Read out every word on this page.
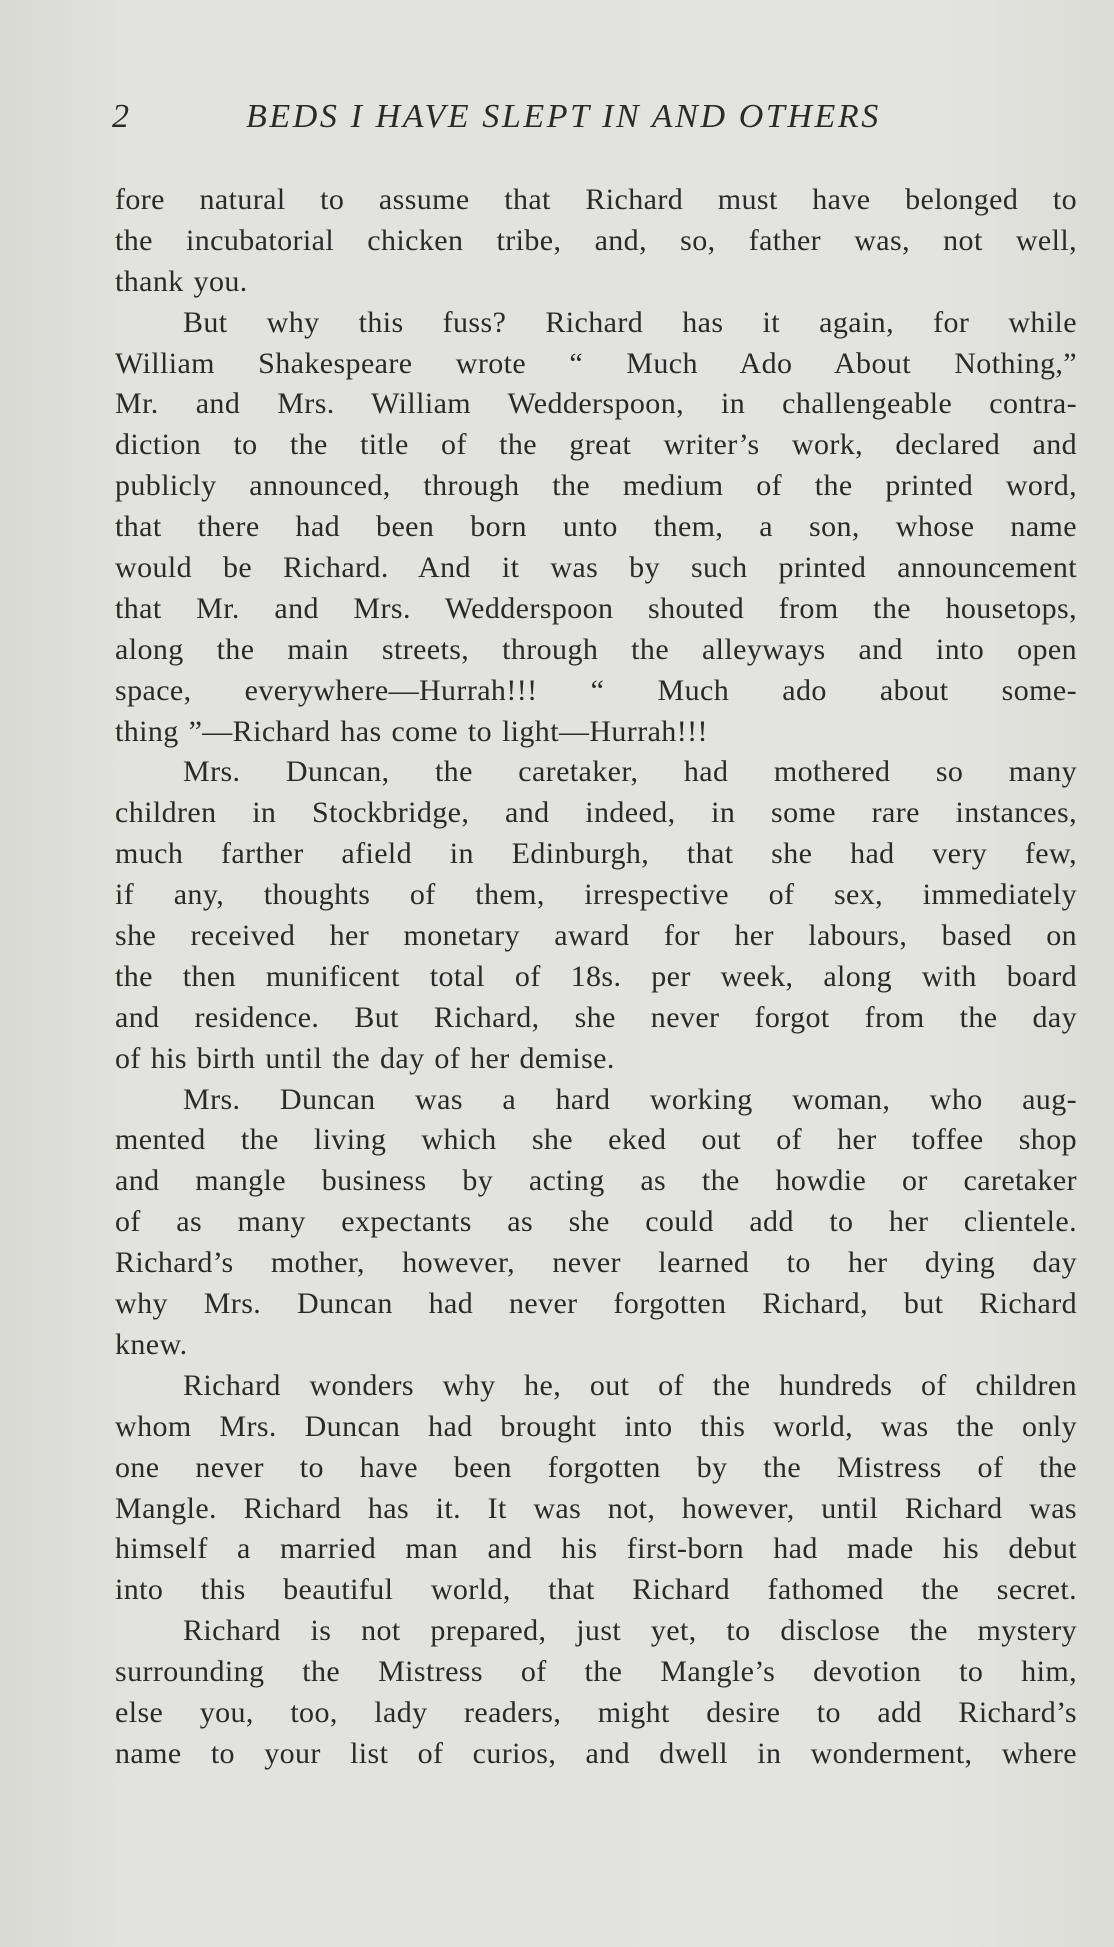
2	BEDS I HAVE SLEPT IN AND OTHERS
fore natural to assume that Richard must have belonged to
the incubatorial chicken tribe, and, so, father was, not well,
thank you.
But why this fuss? Richard has it again, for while
William Shakespeare wrote “ Much Ado About Nothing,”
Mr. and Mrs. William Wedderspoon, in challengeable contra-
diction to the title of the great writer’s work, declared and
publicly announced, through the medium of the printed word,
that there had been born unto them, a son, whose name
would be Richard. And it was by such printed announcement
that Mr. and Mrs. Wedderspoon shouted from the housetops,
along the main streets, through the alleyways and into open
space, everywhere—Hurrah!!! “ Much ado about some-
thing ”—Richard has come to light—Hurrah!!!
Mrs. Duncan, the caretaker, had mothered so many
children in Stockbridge, and indeed, in some rare instances,
much farther afield in Edinburgh, that she had very few,
if any, thoughts of them, irrespective of sex, immediately
she received her monetary award for her labours, based on
the then munificent total of 18s. per week, along with board
and residence. But Richard, she never forgot from the day
of his birth until the day of her demise.
Mrs. Duncan was a hard working woman, who aug-
mented the living which she eked out of her toffee shop
and mangle business by acting as the howdie or caretaker
of as many expectants as she could add to her clientele.
Richard’s mother, however, never learned to her dying day
why Mrs. Duncan had never forgotten Richard, but Richard
knew.
Richard wonders why he, out of the hundreds of children
whom Mrs. Duncan had brought into this world, was the only
one never to have been forgotten by the Mistress of the
Mangle. Richard has it. It was not, however, until Richard was
himself a married man and his first-born had made his debut
into this beautiful world, that Richard fathomed the secret.
Richard is not prepared, just yet, to disclose the mystery
surrounding the Mistress of the Mangle’s devotion to him,
else you, too, lady readers, might desire to add Richard’s
name to your list of curios, and dwell in wonderment, where
